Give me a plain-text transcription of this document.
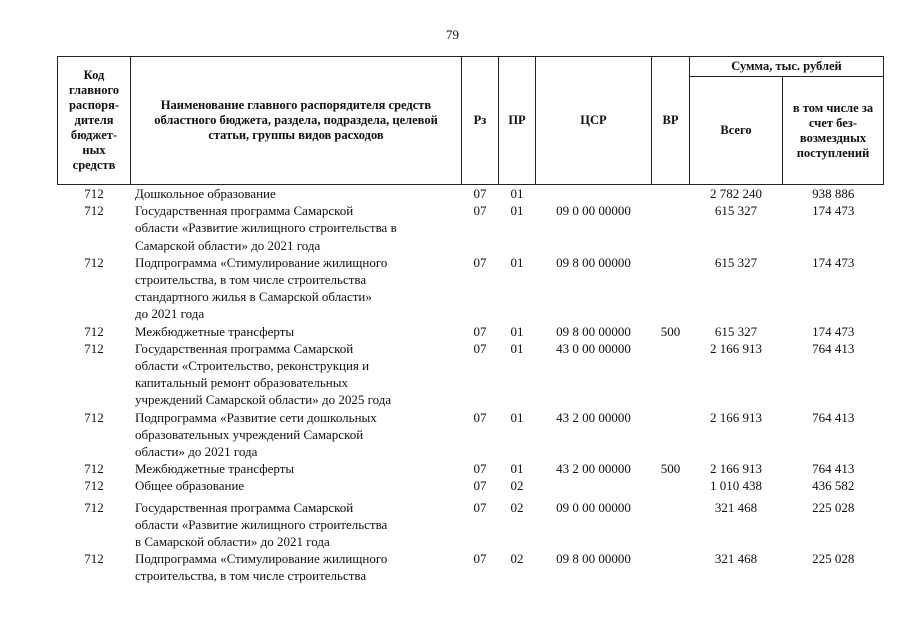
79
Код главного распоря- дителя бюджет- ных средств	Наименование главного распорядителя средств областного бюджета, раздела, подраздела, целевой статьи, группы видов расходов	Рз	ПР	ЦСР	ВР	Сумма, тыс. рублей	
						Всего	в том числе за счет без- возмездных поступлений
712	Дошкольное образование	07	01			2 782 240	938 886
712	Государственная программа Самарской
области «Развитие жилищного строительства в
Самарской области» до 2021 года	07	01	09 0 00 00000		615 327	174 473
712	Подпрограмма «Стимулирование жилищного
строительства, в том числе строительства
стандартного жилья в Самарской области»
до 2021 года	07	01	09 8 00 00000		615 327	174 473
712	Межбюджетные трансферты	07	01	09 8 00 00000	500	615 327	174 473
712	Государственная программа Самарской
области «Строительство, реконструкция и
капитальный ремонт образовательных
учреждений Самарской области» до 2025 года	07	01	43 0 00 00000		2 166 913	764 413
712	Подпрограмма «Развитие сети дошкольных
образовательных учреждений Самарской
области» до 2021 года	07	01	43 2 00 00000		2 166 913	764 413
712	Межбюджетные трансферты	07	01	43 2 00 00000	500	2 166 913	764 413
712	Общее образование	07	02			1 010 438	436 582
712	Государственная программа Самарской
области «Развитие жилищного строительства
в Самарской области» до 2021 года	07	02	09 0 00 00000		321 468	225 028
712	Подпрограмма «Стимулирование жилищного
строительства, в том числе строительства	07	02	09 8 00 00000		321 468	225 028
